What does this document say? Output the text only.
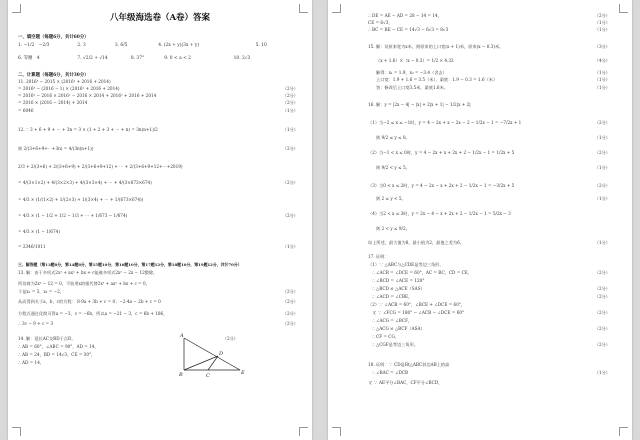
八年级海选卷（A卷）答案
一、填空题（每题6分，共计60分）
1. −1/2　−2/3	2. 3	3. 6/5	4. (2x + y)(3x + y)	5. 10
6. 等腰　4	7. √2/2 + √14	8. 37°	9. 0 < a < 2	10. 2√3
二、计算题（每题6分，共计30分）
11. 2016³ − 2015 × (2016² + 2016 + 2014)
= 2016³ − (2016 − 1) × (2016² + 2016 + 2014)	（2分）
= 2016³ − 2016 × 2016² − 2016 × 2014 + 2016² + 2016 + 2014	（2分）
= 2016 × (2016 − 2014) + 2014	（2分）
= 6046	（1分）
12. ∵ 3 + 6 + 9 + ⋯ + 3n = 3 × (1 + 2 + 3 + ⋯ + n) = 3n(n+1)/2	（1分）
则 2/(3+6+9+⋯+3n) = 4/(3n(n+1))	（2分）
2/3 + 2/(3+6) + 2/(3+6+9) + 2/(3+6+9+12) + ⋯ + 2/(3+6+9+12+⋯+2019)
= 4/(3×1×2) + 4/(3×2×3) + 4/(3×3×4) + ⋯ + 4/(3×673×674)	（2分）
= 4/3 × (1/(1×2) + 1/(2×3) + 1/(3×4) + ⋯ + 1/(673×674))
= 4/3 × (1 − 1/2 + 1/2 − 1/3 + ⋯ + 1/673 − 1/674)	（2分）
= 4/3 × (1 − 1/674)
= 2346/1011	（1分）
三、解答题（第13题8分，第14题8分，第15题10分，第16题10分，第17题12分，第18题10分，第19题12分，共计70分）
13. 解：由于多项式2x³ + ax² + bx + c能被多项式2x² − 2x − 12整除，
所设商为2x² − 12 = 0，不妨用x的根代替2x³ + ax² + bx + c = 0，
于是x₁ = 3，x₂ = −2，	（2分）
从而得到关于a，b，c的方程： 8·9a + 3b + c = 0；−2·4a − 2b + c = 0	（2分）
方程式通过化简可得a = −3，c = −6b，所以a = −21 − 3，c = 6b + 186，	（2分）
∴ 3c − 9 + c = 3	（2分）
14. 解：延长AC交BD于点D，
∴ AB = 60°，∠ABC = 90°，AD = 14，
∴ AB = 24，BD = 14√3，CE = 30°，
（2分）
∴ AD = 14，
A
B	C
D
E
∴ DE = AE − AD = 28 − 14 = 14，	（2分）
CE = 6√3，	（1分）
∴ BC = BE − CE = 14√3 − 6√3 = 8√3	（1分）
15. 解：设原来宽为x米，则原来的上口宽(x + 1)米，原来(x − 0.3)米。	（3分）
（x + 1.6）×（x − 0.3）= 1/2 × 4.32	（4分）
解得：x₁ = 1.9，x₂ = −3.4（舍去）	（1分）
上口宽：1.9 + 1.6 = 3.5（米），渠底：1.9 − 0.3 = 1.6（米）	（1分）
答：修改后上口宽3.5米，渠底1.6米。	（1分）
16. 解：y = |2x − 4| − |x| + 2|x + 1| − 1/2|x + 2|
（1）当−2 ≤ x ≤ −1时，y = 4 − 2x + x − 2x − 2 − 1/2x − 1 = −7/2x + 1	（2分）
则 9/2 ≤ y ≤ 8。	（1分）
（2）当−1 < x ≤ 0时，y = 4 − 2x + x + 2x + 2 − 1/2x − 1 = 1/2x + 5	（2分）
则 9/2 < y ≤ 5。	（1分）
（3）当0 < x ≤ 2时，y = 4 − 2x − x + 2x + 2 − 1/2x − 1 = −3/2x + 5	（2分）
则 2 ≤ y < 5。	（1分）
（4）当2 < x ≤ 3时，y = 2x − 4 − x + 2x + 2 − 1/2x − 1 = 5/2x − 3
则 2 < y ≤ 9/2。
综上所述，最大值为8，最小值为2，最值之差为6。	（1分）
17. 证明：
（1）∵ △ABC与△CDE是等边三角形，
∴ ∠ACB = ∠DCE = 60°，AC = BC，CD = CE，	（2分）
∴ ∠BCD = ∠ACE = 120°
∴ △BCD ≌ △ACE（SAS）	（2分）
∴ ∠ACD = ∠CBE，	（2分）
（2）∵ ∠ACB = 60°，∠BCE + ∠DCE = 60°，
又 ∵ ∠FCG = 180° − ∠ACB − ∠DCE = 60°	（2分）
∴ ∠ACG = ∠BCF，
∴ △ACG ≌ △BCF（ASA）	（2分）
∴ CF = CG，
∴ △CGF是等边三角形。	（2分）
18. 证明：∵ CD是Rt△ABC斜边AB上的高
∴ ∠BAC = ∠DCB	（1分）
又 ∵ AE平分∠BAC，CF平分∠BCD，
